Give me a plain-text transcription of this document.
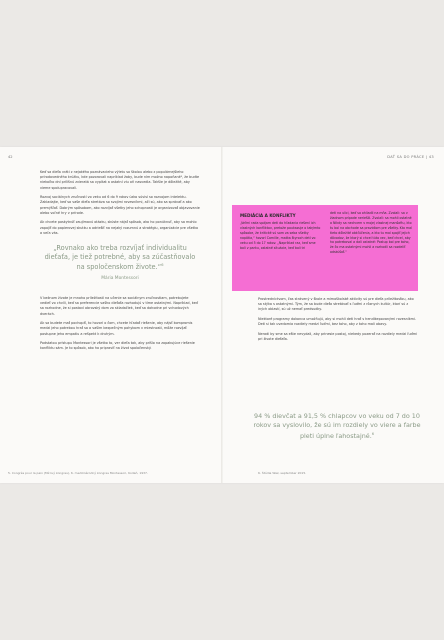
42

Keď sa dieťa vráti z nejakého poznávacieho výletu so školou alebo z populárnejšieho prírodovedného krúžku, kde pozorovali napríklad žaby, bude ním možno napoňané⁵, že budte niekoľko dní prílišnú zvieratá sa vypltat a ostatní viu oň nasvedla. Takšie je dôležité, aby vieme spolupracovali.

Rozvoj sociálnych zručností vo veku od 6 do 9 rokov úzko súvisí so rozvojom intelektu. Zakladajte, keď sa vaše dieťa stretáva so svojimi rovesníkmi, ači sú, ako sa správať a ako premýšľať. Dobrým spôsobom, ako rozvíjať všetky jeho schopnosti je organizovať objavovanie alebo voľné hry v prírode.

Ak chcete poskytnúť zaujímavú otázku, skúste nájsť spôsob, ako ho ponúknuť, aby sa mohlo zapojiť do papierovej skutku a odriešiť na nejaký rozumnú a stratégiu, organizácie pre všetko a veľa vás.

„Rovnako ako treba rozvíjať individualitu dieťaťa, je tiež potrebné, aby sa zúčastňovalo na spoločenskom živote.“$^6$
Mária Montessori

V bežnom živote je mnoho príležitostí na učenie sa sociálnym zručnostiam, potrebujete vedieť vo chvíli, keď sa preferencie vašho dieťaťa rozhodujú v tíme ostatnými. Napríklad, keď sa rozhodne, že si postaví obrovský dom zo skladačiek, keď sa dohodne pri vchodových dverách.

Ak sa budete mať pochopiť, to hovorí o čom, chcete hľadať riešenie, aby nájsť kompromis medzi jeho potrebou hrať sa a vašim bezpečným pohybom v miestnosti, môže rozvíjať postupne jeho empatiu a rešpekt k druhým.

Podstatou prístupu Montessori je všetko to, ver dieťa tak, aby prišlo na zopakujúce riešenie konfliktu sám. Je to spôsob, ako ho pripraviť na život spoločenský.

5. Congrès pour la paix (Mírový kongres), 6. medzinárodný kongres Montessori, Kodaň, 1937.
DAŤ SA DO PRÁCE | 43
MEDIÁCIA A KONFLIKTY
„Veľmi rada spájam deti do hľadania riešení ich vlastných konfliktov, pretože poukazuje o takýmto spôsobe, že kritické sú som za seba všetky napätia,“ hovorí Camille, matka štyroch detí vo veku od 5 do 17 rokov. „Napríklad raz, keď sme boli v parku, ostatné situácie, keď boli tri
deti na ulici, keď sa ohliadli na mňa. Zvolali: sa v žiadnom prípade neriešili. Zvolali: sa mohli ostatné a Nikdy sa nechcem v mojej vlastnej manšaftu, kto tu bol na obchode sa pravidlom pre všetky. Kto mal tieto dôležité obkľúčenia, a kto tu mal spojiť jejich dôvodov, že ktorý si chcel túto vec, keď chcel, aby ho potreboval a dali ostatné: Postup bol pre koho, že čo ma ostatnými mohli a rozhodli sa rozdeliť odskúšať.“

Prostredníctvom, čas strávený v škole a mimoškolské aktivity sú pre dieťa príležitosťou, ako sa stýka s ostatnými. Tým, že sa bude dieťa stretávať s ľuďmi z rôznych kultúr, ktorí sú z iných oblastí, sú už nemať predsudky.

Niektoré programy dokonca umožňujú, aby si mohli deti hrať s hendikepovanými rovesníkmi. Deti si tak uvedomia rozdiely medzi ľuďmi, bez toho, aby z toho mali obavy.

Neradi by sme sa ešte nevydali, aby prinesie postoj, niekedy pozerať na rozdiely medzi ľuďmi pri živote dieťaťa.

94 % dievčat a 91,5 % chlapcov vo veku od 7 do 10 rokov sa vyslovilo, že sú im rozdiely vo viere a farbe pleti úplne ľahostajné.$^6$
6. Štúdia Waz, september 2015.
